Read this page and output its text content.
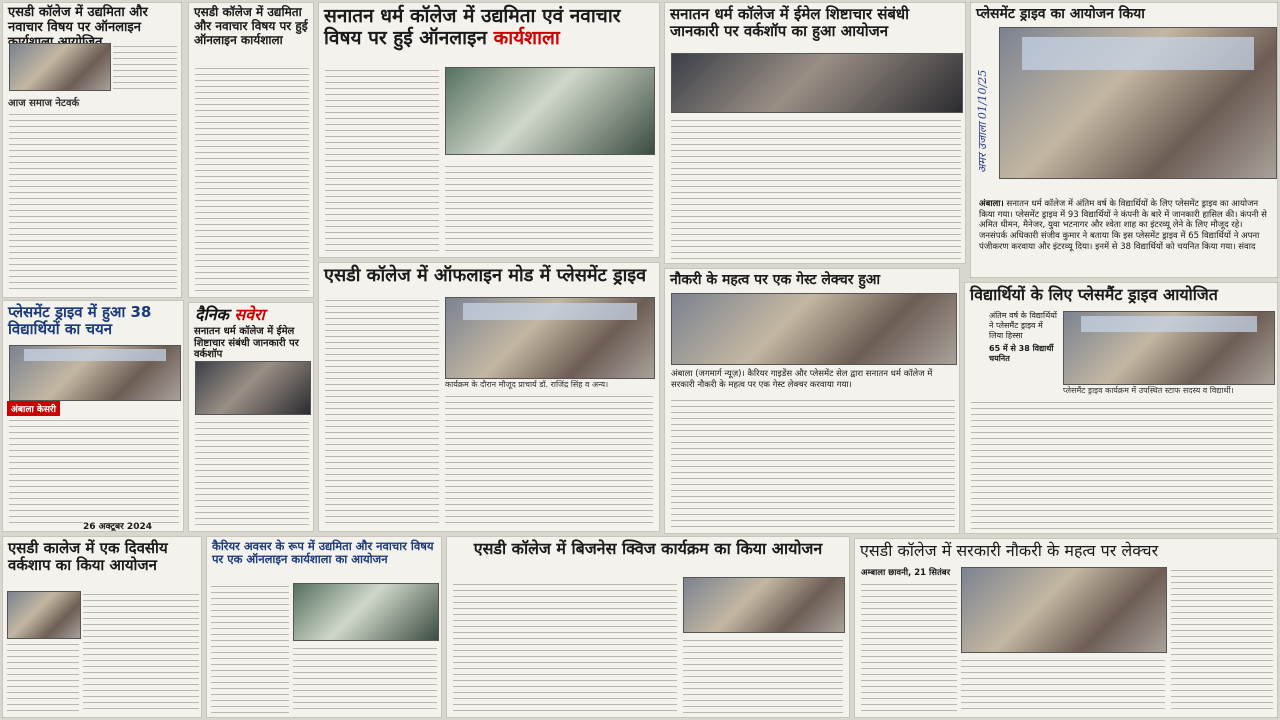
एसडी कॉलेज में उद्यमिता और नवाचार विषय पर ऑनलाइन
आज समाज नेटवर्क
एसडी कॉलेज में उद्यमिता और नवाचार विषय पर हुई ऑनलाइन कार्यशाला
सनातन धर्म कॉलेज में उद्यमिता एवं नवाचार विषय पर हुई ऑनलाइन कार्यशाला
सनातन धर्म कॉलेज में ईमेल शिष्टाचार संबंधी जानकारी पर वर्कशॉप का हुआ आयोजन
प्लेसमेंट ड्राइव का आयोजन किया
अमर उजाला 01/10/25
अंबाला। सनातन धर्म कॉलेज में अंतिम वर्ष के विद्यार्थियों के लिए प्लेसमेंट ड्राइव का आयोजन किया गया। प्लेसमेंट ड्राइव में 93 विद्यार्थियों ने कंपनी के बारे में जानकारी हासिल की। कंपनी से अमित धीमन, मैनेजर, युवा भटनागर और श्वेता शाह का इंटरव्यू लेने के लिए मौजूद रहे। जनसंपर्क अधिकारी संजीव कुमार ने बताया कि इस प्लेसमेंट ड्राइव में 65 विद्यार्थियों ने अपना पंजीकरण करवाया और इंटरव्यू दिया। इनमें से 38 विद्यार्थियों को चयनित किया गया। संवाद
एसडी कॉलेज में ऑफलाइन मोड में प्लेसमेंट ड्राइव
कार्यक्रम के दौरान मौजूद प्राचार्य डॉ. राजिंद्र सिंह व अन्य।
दैनिक सवेरा
सनातन धर्म कॉलेज में ईमेल शिष्टाचार संबंधी जानकारी पर वर्कशॉप
प्लेसमेंट ड्राइव में हुआ 38 विद्यार्थियों का चयन
अंबाला केसरी
26 अक्टूबर 2024
नौकरी के महत्व पर एक गेस्ट लेक्चर हुआ
अंबाला (जगमार्ग न्यूज़)। कैरियर गाइडेंस और प्लेसमेंट सेल द्वारा सनातन धर्म कॉलेज में सरकारी नौकरी के महत्व पर एक गेस्ट लेक्चर करवाया गया।
विद्यार्थियों के लिए प्लेसमैंट ड्राइव आयोजित
अंतिम वर्ष के विद्यार्थियों ने प्लेसमैंट ड्राइव में लिया हिस्सा
65 में से 38 विद्यार्थी चयनित
प्लेसमैंट ड्राइव कार्यक्रम में उपस्थित स्टाफ सदस्य व विद्यार्थी।
एसडी कालेज में एक दिवसीय वर्कशाप का किया आयोजन
कैरियर अवसर के रूप में उद्यमिता और नवाचार विषय पर एक ऑनलाइन कार्यशाला का आयोजन
एसडी कॉलेज में बिजनेस क्विज कार्यक्रम का किया आयोजन	एसडी कॉलेज में सरकारी नौकरी के महत्व पर लेक्चर
अम्बाला छावनी, 21 सितंबर
